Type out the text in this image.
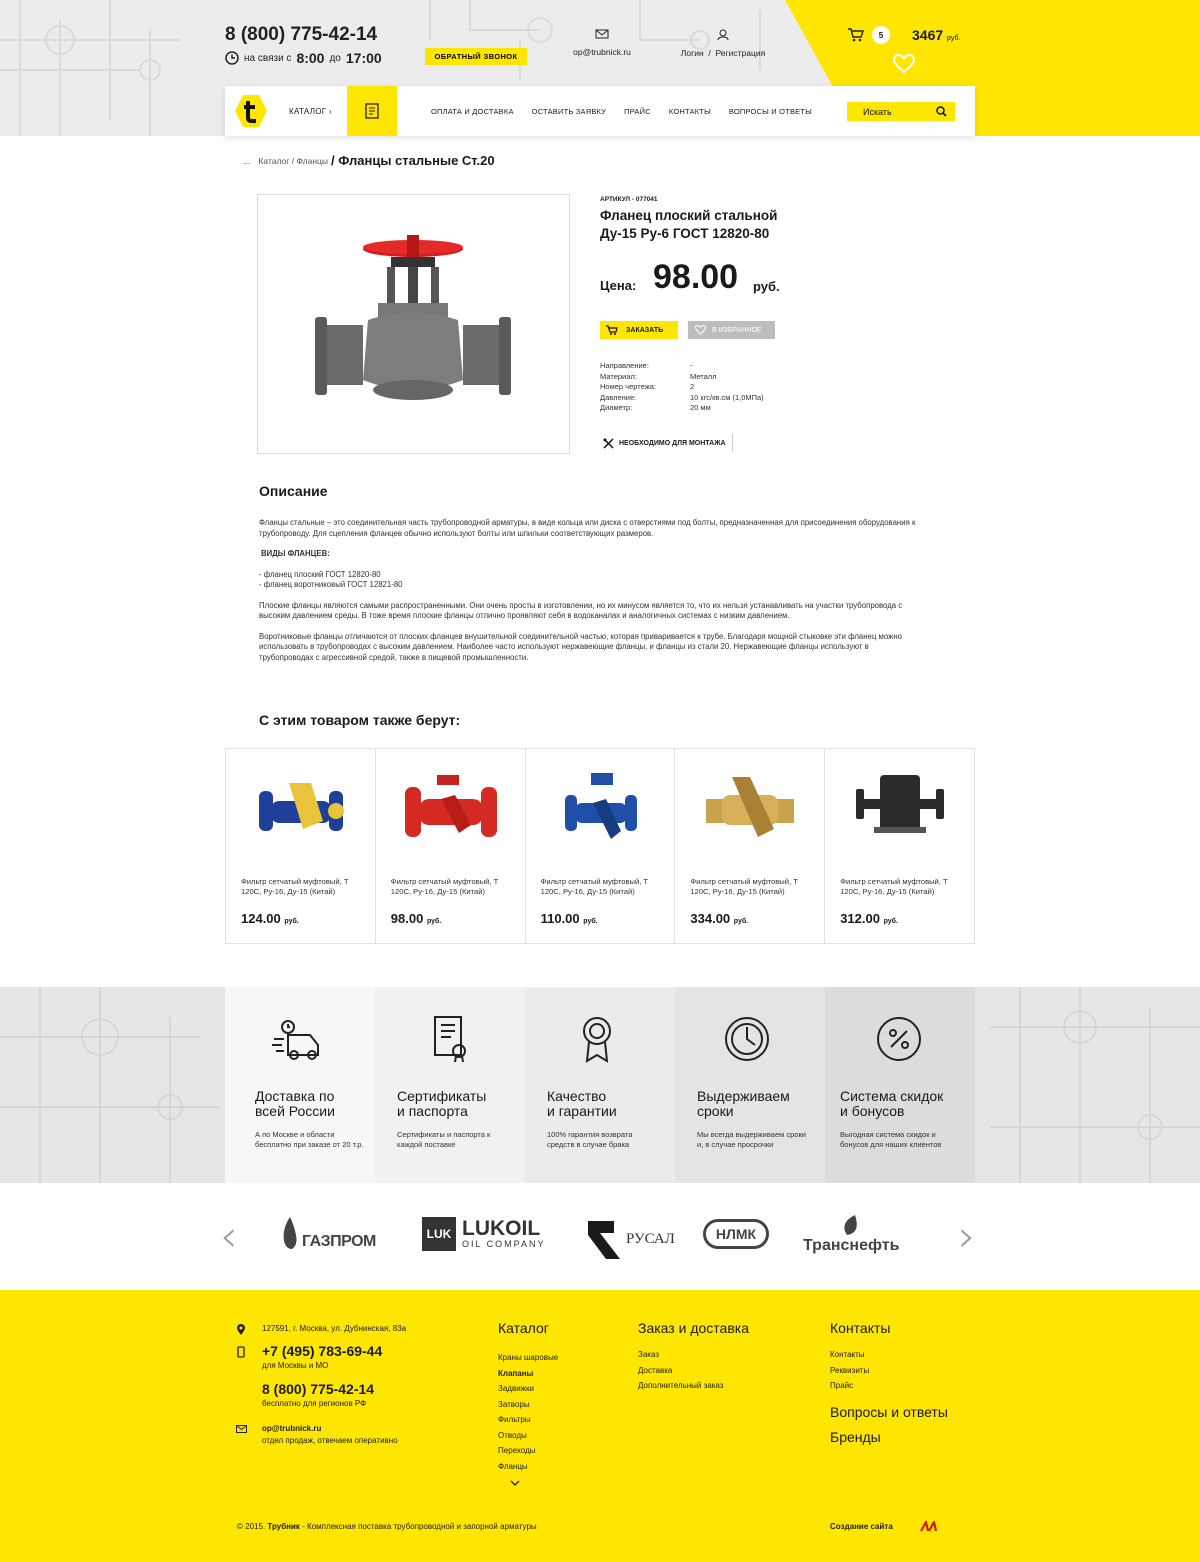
8 (800) 775-42-14
на связи с 8:00 до 17:00	ОБРАТНЫЙ ЗВОНОК	op@trubnick.ru	Логин / Регистрация
5	3467 руб.
КАТАЛОГ ›	ОПЛАТА И ДОСТАВКА ОСТАВИТЬ ЗАЯВКУ ПРАЙС КОНТАКТЫ ВОПРОСЫ И ОТВЕТЫ	Искать
...
Каталог / Фланцы / Фланцы стальные Ст.20
АРТИКУЛ - 077041
Фланец плоский стальной
Ду-15 Ру-6 ГОСТ 12820-80
Цена: 98.00 руб.
ЗАКАЗАТЬ	В ИЗБРАННОЕ
Направление:	-
Материал:	Металл
Номер чертежа:	2
Давление:	10 кгс/кв.см (1,0МПа)
Диаметр:	20 мм
НЕОБХОДИМО ДЛЯ МОНТАЖА
Описание

Фланцы стальные – это соединительная часть трубопроводной арматуры, в виде кольца или диска с отверстиями под болты, предназначенная для присоединения оборудования к трубопроводу. Для сцепления фланцев обычно используют болты или шпильки соответствующих размеров.

ВИДЫ ФЛАНЦЕВ:

- фланец плоский ГОСТ 12820-80

- фланец воротниковый ГОСТ 12821-80

Плоские фланцы являются самыми распространенными. Они очень просты в изготовлении, но их минусом является то, что их нельзя устанавливать на участки трубопровода с высоким давлением среды. В тоже время плоские фланцы отлично проявляют себя в водоканалах и аналогичных системах с низким давлением.

Воротниковые фланцы отличаются от плоских фланцев внушительной соединительной частью, которая приваривается к трубе. Благодаря мощной стыковке эти фланец можно использовать в трубопроводах с высоким давлением. Наиболее часто используют нержавеющие фланцы, и фланцы из стали 20. Нержавеющие фланцы используют в трубопроводах с агрессивной средой, также в пищевой промышленности.

С этим товаром также берут:
Фильтр сетчатый муфтовый, Т 120С, Ру-16, Ду-15 (Китай)
124.00 руб.
Фильтр сетчатый муфтовый, Т 120С, Ру-16, Ду-15 (Китай)
98.00 руб.
Фильтр сетчатый муфтовый, Т 120С, Ру-16, Ду-15 (Китай)
110.00 руб.
Фильтр сетчатый муфтовый, Т 120С, Ру-16, Ду-15 (Китай)
334.00 руб.
Фильтр сетчатый муфтовый, Т 120С, Ру-16, Ду-15 (Китай)
312.00 руб.
Доставка по
всей России
А по Москве и области бесплатно при заказе от 20 т.р.
Сертификаты
и паспорта
Сертификаты и паспорта к каждой поставке
Качество
и гарантии
100% гарантия возврата средств в случае брака
Выдерживаем
сроки
Мы всегда выдерживаем сроки и, в случае просрочки
Система скидок
и бонусов
Выгодная система скидок и бонусов для наших клиентов
‹	ГАЗПРОМ	LUK LUKOIL
OIL COMPANY	РУСАЛ	НЛМК
Транснефть ›
127591, г. Москва, ул. Дубнинская, 83а
+7 (495) 783-69-44
для Москвы и МО
8 (800) 775-42-14
бесплатно для регионов РФ
op@trubnick.ru
отдел продаж, отвечаем оперативно
Каталог
Краны шаровые
Клапаны
Задвижки
Затворы
Фильтры
Отводы
Переходы
Фланцы
Заказ и доставка
Заказ
Доставка
Дополнительный заказ
Контакты
Контакты
Реквизиты
Прайс
Вопросы и ответы
Бренды
© 2015. Трубник - Комплексная поставка трубопроводной и запорной арматуры	Создание сайта
